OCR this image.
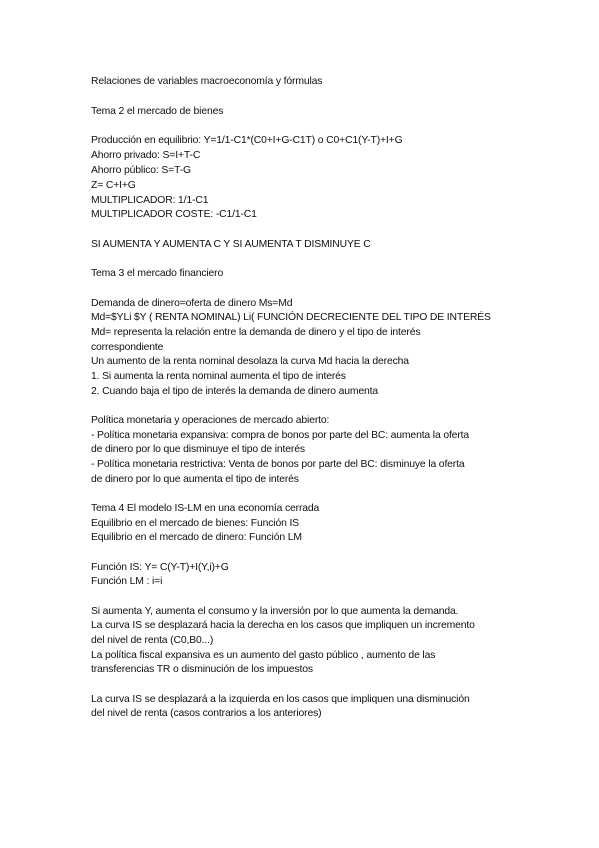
Relaciones de variables macroeconomía y fórmulas
Tema 2 el mercado de bienes
Producción en equilibrio: Y=1/1-C1*(C0+I+G-C1T) o C0+C1(Y-T)+I+G
Ahorro privado: S=I+T-C
Ahorro público: S=T-G
Z= C+I+G
MULTIPLICADOR: 1/1-C1
MULTIPLICADOR COSTE: -C1/1-C1
SI AUMENTA Y AUMENTA C Y SI AUMENTA T DISMINUYE C
Tema 3 el mercado financiero
Demanda de dinero=oferta de dinero Ms=Md
Md=$YLi $Y ( RENTA NOMINAL) Li( FUNCIÓN DECRECIENTE DEL TIPO DE INTERÉS
Md= representa la relación entre la demanda de dinero y el tipo de interés
correspondiente
Un aumento de la renta nominal desolaza la curva Md hacia la derecha
1. Si aumenta la renta nominal aumenta el tipo de interés
2. Cuando baja el tipo de interés la demanda de dinero aumenta
Política monetaria y operaciones de mercado abierto:
- Política monetaria expansiva: compra de bonos por parte del BC: aumenta la oferta
de dinero por lo que disminuye el tipo de interés
- Política monetaria restrictiva: Venta de bonos por parte del BC: disminuye la oferta
de dinero por lo que aumenta el tipo de interés
Tema 4 El modelo IS-LM en una economía cerrada
Equilibrio en el mercado de bienes: Función IS
Equilibrio en el mercado de dinero: Función LM
Función IS: Y= C(Y-T)+I(Y,i)+G
Función LM : i=i
Si aumenta Y, aumenta el consumo y la inversión por lo que aumenta la demanda.
La curva IS se desplazará hacia la derecha en los casos que impliquen un incremento
del nivel de renta (C0,B0...)
La política fiscal expansiva es un aumento del gasto público , aumento de las
transferencias TR o disminución de los impuestos
La curva IS se desplazará a la izquierda en los casos que impliquen una disminución
del nivel de renta (casos contrarios a los anteriores)
